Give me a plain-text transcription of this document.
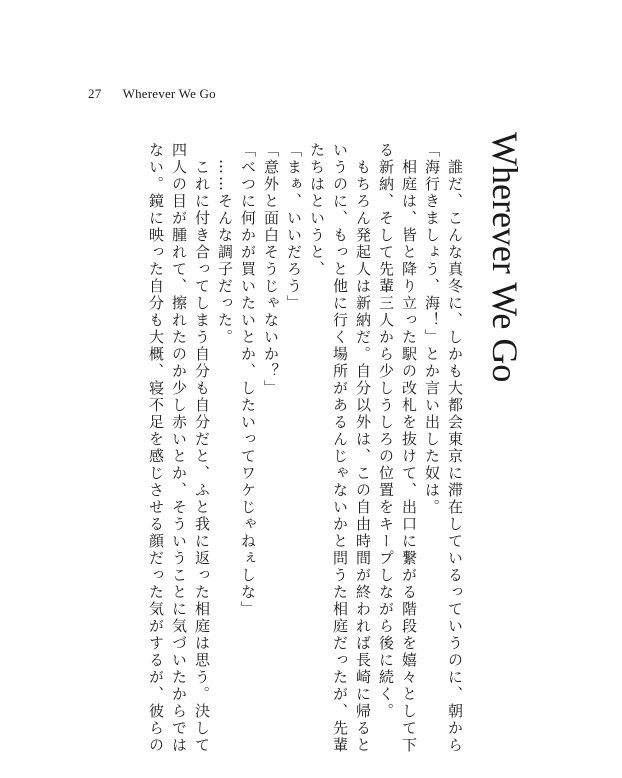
27 Wherever We Go
Wherever We Go

　誰だ、こんな真冬に、しかも大都会東京に滞在しているっていうのに、朝から

「海行きましょう、海！」とか言い出した奴は。

　相庭は、皆と降り立った駅の改札を抜けて、出口に繋がる階段を嬉々として下

る新納、そして先輩三人から少しうしろの位置をキープしながら後に続く。

　もちろん発起人は新納だ。自分以外は、この自由時間が終われば長崎に帰ると

いうのに、もっと他に行く場所があるんじゃないかと問うた相庭だったが、先輩

たちはというと、

「まぁ、いいだろう」

「意外と面白そうじゃないか？」

「べつに何かが買いたいとか、したいってワケじゃねぇしな」

　……そんな調子だった。

　これに付き合ってしまう自分も自分だと、ふと我に返った相庭は思う。決して

四人の目が腫れて、擦れたのか少し赤いとか、そういうことに気づいたからでは

ない。鏡に映った自分も大概、寝不足を感じさせる顔だった気がするが、彼らの
